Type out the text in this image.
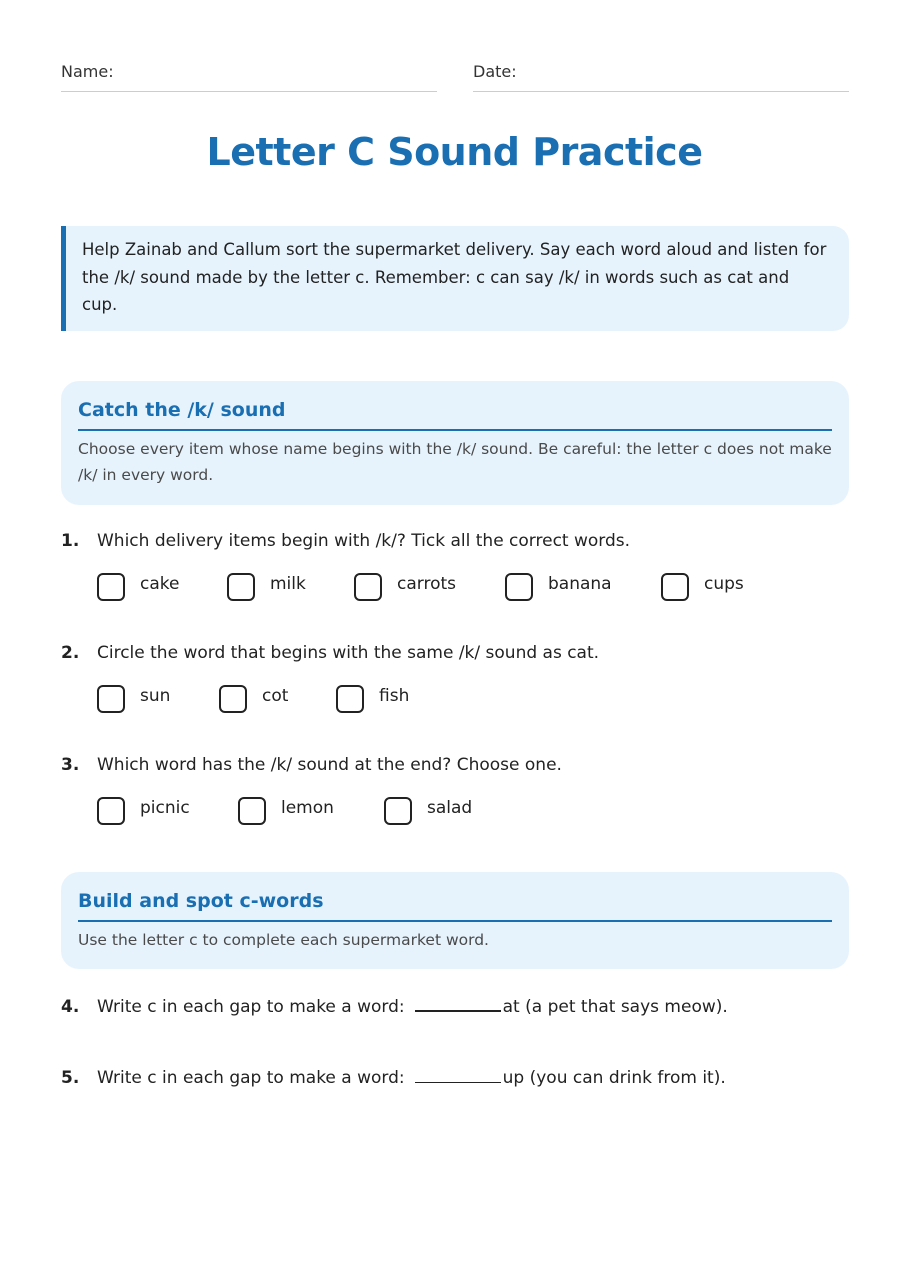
Name:	Date:
Letter C Sound Practice
Help Zainab and Callum sort the supermarket delivery. Say each word aloud and listen for the /k/ sound made by the letter c. Remember: c can say /k/ in words such as cat and cup.
Catch the /k/ sound
Choose every item whose name begins with the /k/ sound. Be careful: the letter c does not make /k/ in every word.
1. Which delivery items begin with /k/? Tick all the correct words.
cake	milk	carrots	banana	cups
2. Circle the word that begins with the same /k/ sound as cat.
sun	cot	fish
3. Which word has the /k/ sound at the end? Choose one.
picnic	lemon	salad
Build and spot c-words
Use the letter c to complete each supermarket word.
4. Write c in each gap to make a word:	at (a pet that says meow).
5. Write c in each gap to make a word:	up (you can drink from it).
